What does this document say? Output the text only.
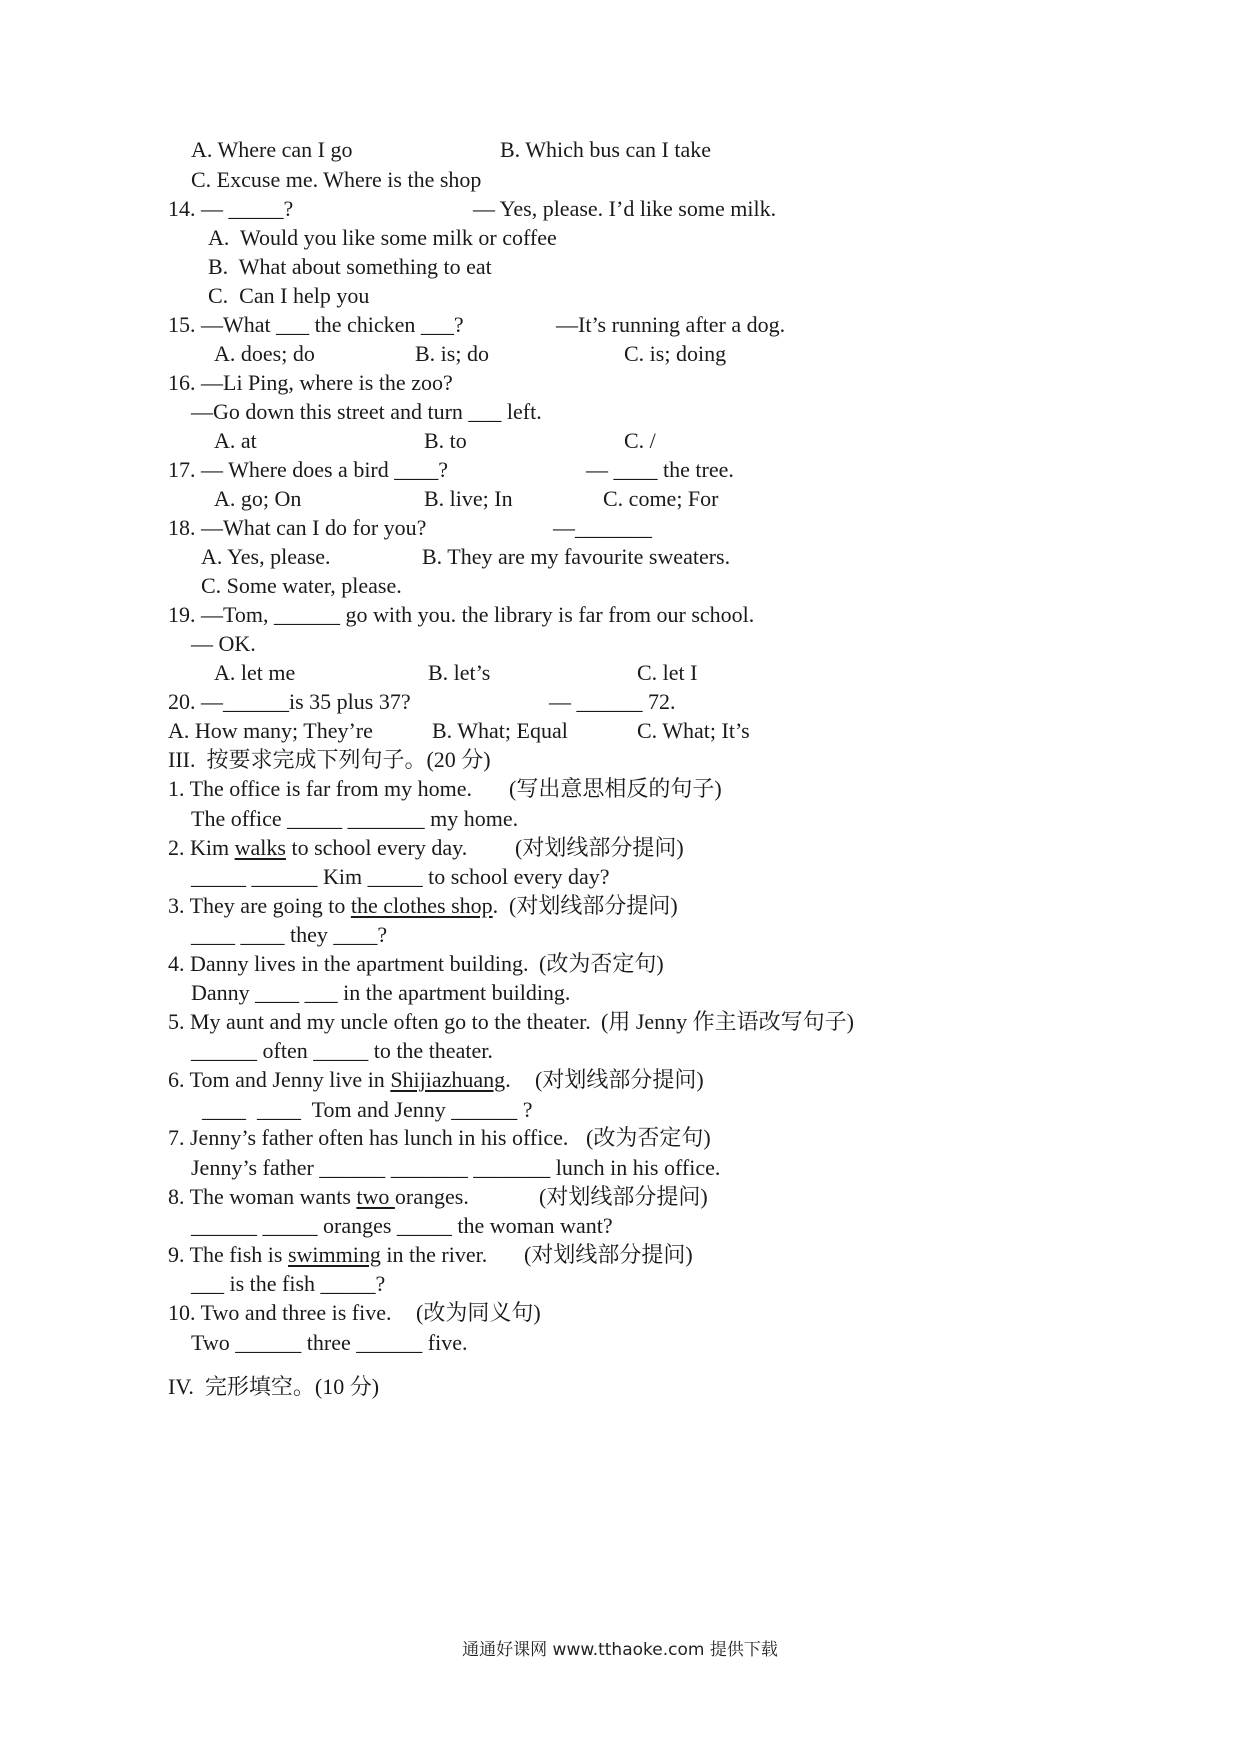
A. Where can I go	B. Which bus can I take
C. Excuse me. Where is the shop
14. — _____?	— Yes, please. I’d like some milk.
A.  Would you like some milk or coffee
B.  What about something to eat
C.  Can I help you
15. —What ___ the chicken ___?	—It’s running after a dog.
A. does; do	B. is; do	C. is; doing
16. —Li Ping, where is the zoo?
—Go down this street and turn ___ left.
A. at	B. to	C. /
17. — Where does a bird ____?	— ____ the tree.
A. go; On	B. live; In	C. come; For
18. —What can I do for you?	—_______
A. Yes, please.	B. They are my favourite sweaters.
C. Some water, please.
19. —Tom, ______ go with you. the library is far from our school.
— OK.
A. let me	B. let’s	C. let I
20. —______is 35 plus 37?	— ______ 72.
A. How many; They’re	B. What; Equal	C. What; It’s
III.  按要求完成下列句子。(20 分)
1. The office is far from my home. (写出意思相反的句子)
The office _____ _______ my home.
2. Kim walks to school every day. (对划线部分提问)
_____ ______ Kim _____ to school every day?
3. They are going to the clothes shop. (对划线部分提问)
____ ____ they ____?
4. Danny lives in the apartment building. (改为否定句)
Danny ____ ___ in the apartment building.
5. My aunt and my uncle often go to the theater. (用 Jenny 作主语改写句子)
______ often _____ to the theater.
6. Tom and Jenny live in Shijiazhuang. (对划线部分提问)
____  ____  Tom and Jenny ______ ?
7. Jenny’s father often has lunch in his office. (改为否定句)
Jenny’s father ______ _______ _______ lunch in his office.
8. The woman wants two oranges.	(对划线部分提问)
______ _____ oranges _____ the woman want?
9. The fish is swimming in the river. (对划线部分提问)
___ is the fish _____?
10. Two and three is five. (改为同义句)
Two ______ three ______ five.
IV.  完形填空。(10 分)
通通好课网 www.tthaoke.com 提供下载
